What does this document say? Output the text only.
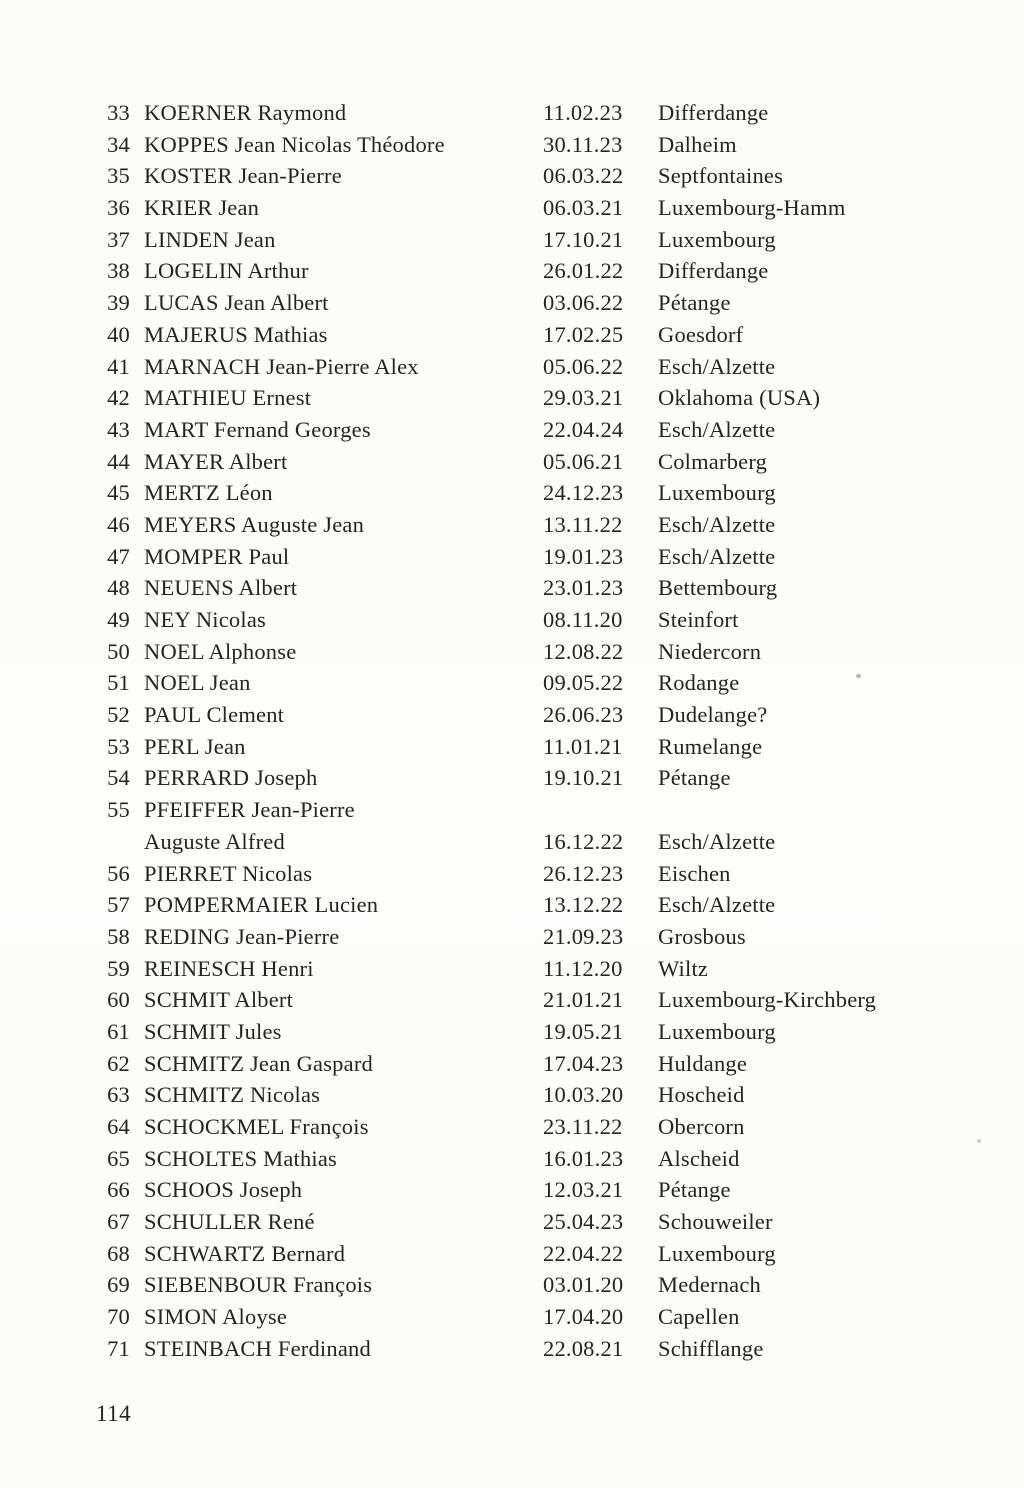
33 KOERNER Raymond	11.02.23	Differdange
34 KOPPES Jean Nicolas Théodore	30.11.23	Dalheim
35 KOSTER Jean-Pierre	06.03.22	Septfontaines
36 KRIER Jean	06.03.21	Luxembourg-Hamm
37 LINDEN Jean	17.10.21	Luxembourg
38 LOGELIN Arthur	26.01.22	Differdange
39 LUCAS Jean Albert	03.06.22	Pétange
40 MAJERUS Mathias	17.02.25	Goesdorf
41 MARNACH Jean-Pierre Alex	05.06.22	Esch/Alzette
42 MATHIEU Ernest	29.03.21	Oklahoma (USA)
43 MART Fernand Georges	22.04.24	Esch/Alzette
44 MAYER Albert	05.06.21	Colmarberg
45 MERTZ Léon	24.12.23	Luxembourg
46 MEYERS Auguste Jean	13.11.22	Esch/Alzette
47 MOMPER Paul	19.01.23	Esch/Alzette
48 NEUENS Albert	23.01.23	Bettembourg
49 NEY Nicolas	08.11.20	Steinfort
50 NOEL Alphonse	12.08.22	Niedercorn
51 NOEL Jean	09.05.22	Rodange
52 PAUL Clement	26.06.23	Dudelange?
53 PERL Jean	11.01.21	Rumelange
54 PERRARD Joseph	19.10.21	Pétange
55 PFEIFFER Jean-Pierre
Auguste Alfred	16.12.22	Esch/Alzette
56 PIERRET Nicolas	26.12.23	Eischen
57 POMPERMAIER Lucien	13.12.22	Esch/Alzette
58 REDING Jean-Pierre	21.09.23	Grosbous
59 REINESCH Henri	11.12.20	Wiltz
60 SCHMIT Albert	21.01.21	Luxembourg-Kirchberg
61 SCHMIT Jules	19.05.21	Luxembourg
62 SCHMITZ Jean Gaspard	17.04.23	Huldange
63 SCHMITZ Nicolas	10.03.20	Hoscheid
64 SCHOCKMEL François	23.11.22	Obercorn
65 SCHOLTES Mathias	16.01.23	Alscheid
66 SCHOOS Joseph	12.03.21	Pétange
67 SCHULLER René	25.04.23	Schouweiler
68 SCHWARTZ Bernard	22.04.22	Luxembourg
69 SIEBENBOUR François	03.01.20	Medernach
70 SIMON Aloyse	17.04.20	Capellen
71 STEINBACH Ferdinand	22.08.21	Schifflange
114
